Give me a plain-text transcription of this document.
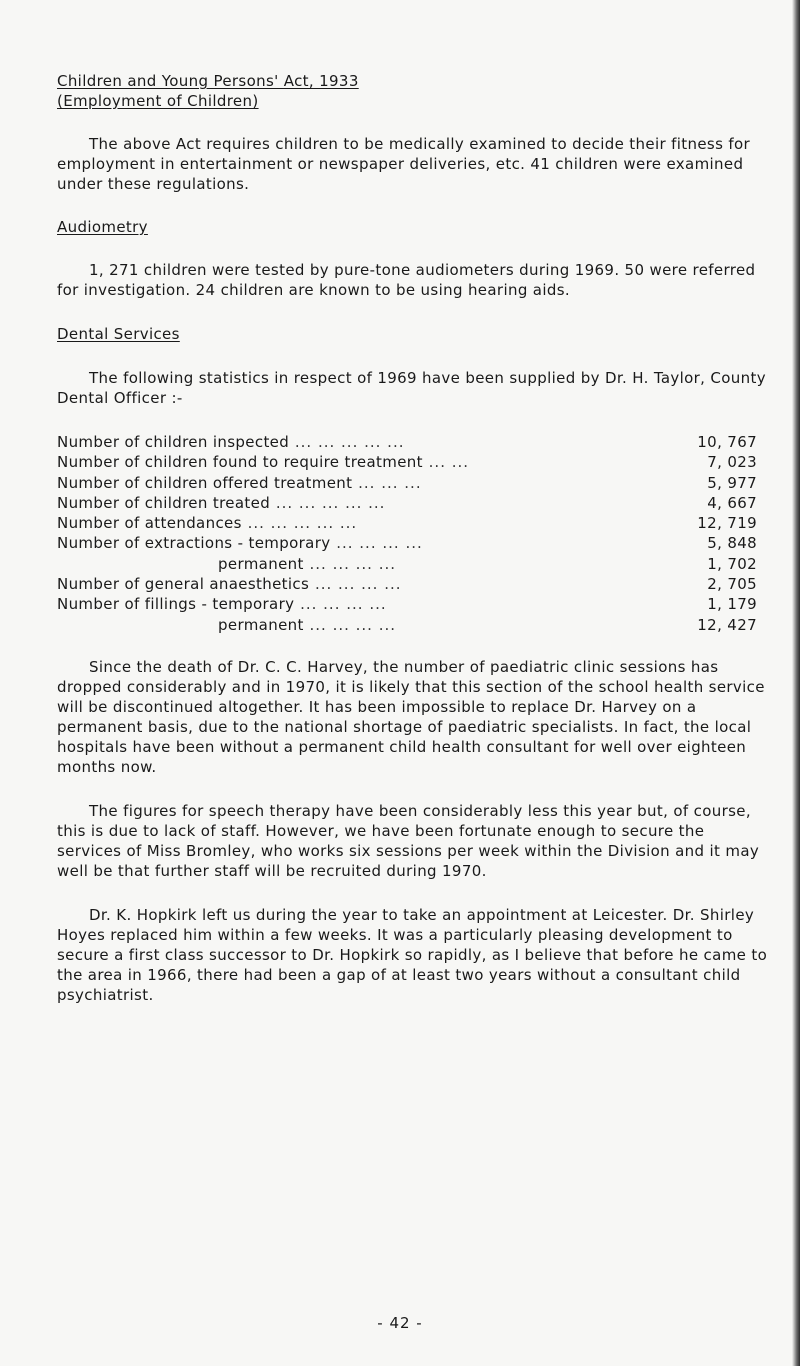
Children and Young Persons' Act, 1933
(Employment of Children)

The above Act requires children to be medically examined to decide their fitness for employment in entertainment or newspaper deliveries, etc. 41 children were examined under these regulations.

Audiometry

1, 271 children were tested by pure-tone audiometers during 1969. 50 were referred for investigation. 24 children are known to be using hearing aids.

Dental Services

The following statistics in respect of 1969 have been supplied by Dr. H. Taylor, County Dental Officer :-

Number of children inspected ... ... ... ... ...	10, 767
Number of children found to require treatment ... ...	7, 023
Number of children offered treatment ... ... ...	5, 977
Number of children treated ... ... ... ... ...	4, 667
Number of attendances ... ... ... ... ...	12, 719
Number of extractions - temporary ... ... ... ...	5, 848
permanent ... ... ... ...	1, 702
Number of general anaesthetics ... ... ... ...	2, 705
Number of fillings - temporary ... ... ... ...	1, 179
permanent ... ... ... ...	12, 427

Since the death of Dr. C. C. Harvey, the number of paediatric clinic sessions has dropped considerably and in 1970, it is likely that this section of the school health service will be discontinued altogether. It has been impossible to replace Dr. Harvey on a permanent basis, due to the national shortage of paediatric specialists. In fact, the local hospitals have been without a permanent child health consultant for well over eighteen months now.

The figures for speech therapy have been considerably less this year but, of course, this is due to lack of staff. However, we have been fortunate enough to secure the services of Miss Bromley, who works six sessions per week within the Division and it may well be that further staff will be recruited during 1970.

Dr. K. Hopkirk left us during the year to take an appointment at Leicester. Dr. Shirley Hoyes replaced him within a few weeks. It was a particularly pleasing development to secure a first class successor to Dr. Hopkirk so rapidly, as I believe that before he came to the area in 1966, there had been a gap of at least two years without a consultant child psychiatrist.

- 42 -
